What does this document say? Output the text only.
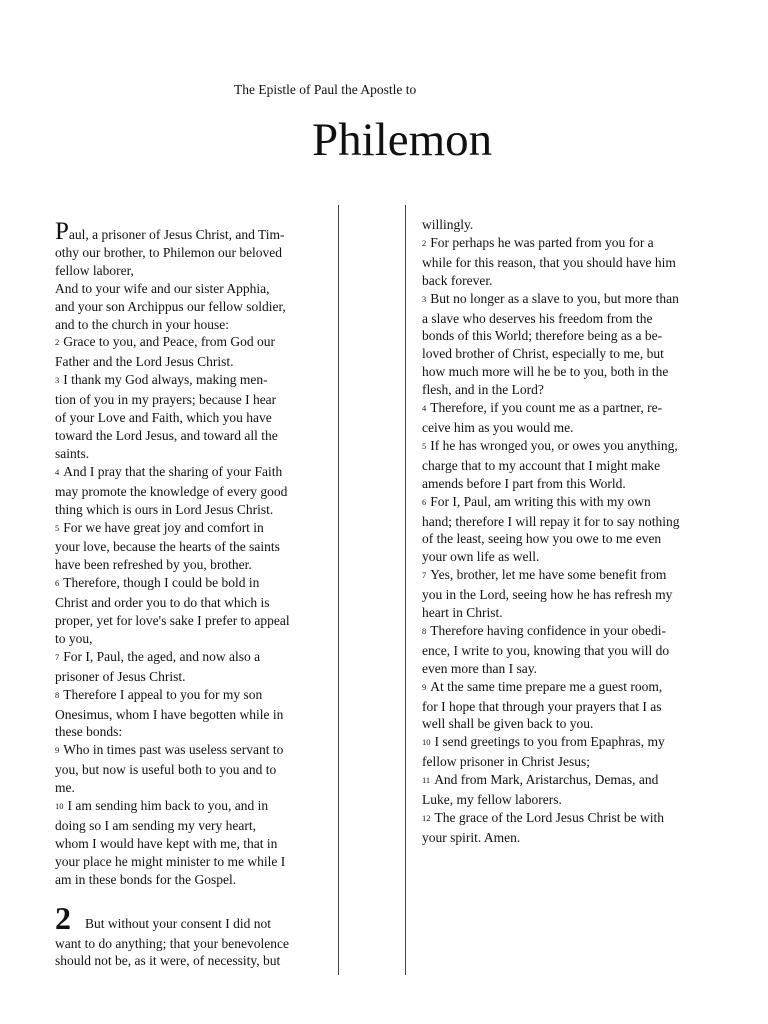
The Epistle of Paul the Apostle to
Philemon
Paul, a prisoner of Jesus Christ, and Tim-
othy our brother, to Philemon our beloved
fellow laborer,
And to your wife and our sister Apphia,
and your son Archippus our fellow soldier,
and to the church in your house:
2 Grace to you, and Peace, from God our
Father and the Lord Jesus Christ.
3 I thank my God always, making men-
tion of you in my prayers; because I hear
of your Love and Faith, which you have
toward the Lord Jesus, and toward all the
saints.
4 And I pray that the sharing of your Faith
may promote the knowledge of every good
thing which is ours in Lord Jesus Christ.
5 For we have great joy and comfort in
your love, because the hearts of the saints
have been refreshed by you, brother.
6 Therefore, though I could be bold in
Christ and order you to do that which is
proper, yet for love's sake I prefer to appeal
to you,
7 For I, Paul, the aged, and now also a
prisoner of Jesus Christ.
8 Therefore I appeal to you for my son
Onesimus, whom I have begotten while in
these bonds:
9 Who in times past was useless servant to
you, but now is useful both to you and to
me.
10 I am sending him back to you, and in
doing so I am sending my very heart,
whom I would have kept with me, that in
your place he might minister to me while I
am in these bonds for the Gospel.
2 But without your consent I did not
want to do anything; that your benevolence
should not be, as it were, of necessity, but
willingly.
2 For perhaps he was parted from you for a
while for this reason, that you should have him
back forever.
3 But no longer as a slave to you, but more than
a slave who deserves his freedom from the
bonds of this World; therefore being as a be-
loved brother of Christ, especially to me, but
how much more will he be to you, both in the
flesh, and in the Lord?
4 Therefore, if you count me as a partner, re-
ceive him as you would me.
5 If he has wronged you, or owes you anything,
charge that to my account that I might make
amends before I part from this World.
6 For I, Paul, am writing this with my own
hand; therefore I will repay it for to say nothing
of the least, seeing how you owe to me even
your own life as well.
7 Yes, brother, let me have some benefit from
you in the Lord, seeing how he has refresh my
heart in Christ.
8 Therefore having confidence in your obedi-
ence, I write to you, knowing that you will do
even more than I say.
9 At the same time prepare me a guest room,
for I hope that through your prayers that I as
well shall be given back to you.
10 I send greetings to you from Epaphras, my
fellow prisoner in Christ Jesus;
11 And from Mark, Aristarchus, Demas, and
Luke, my fellow laborers.
12 The grace of the Lord Jesus Christ be with
your spirit. Amen.
